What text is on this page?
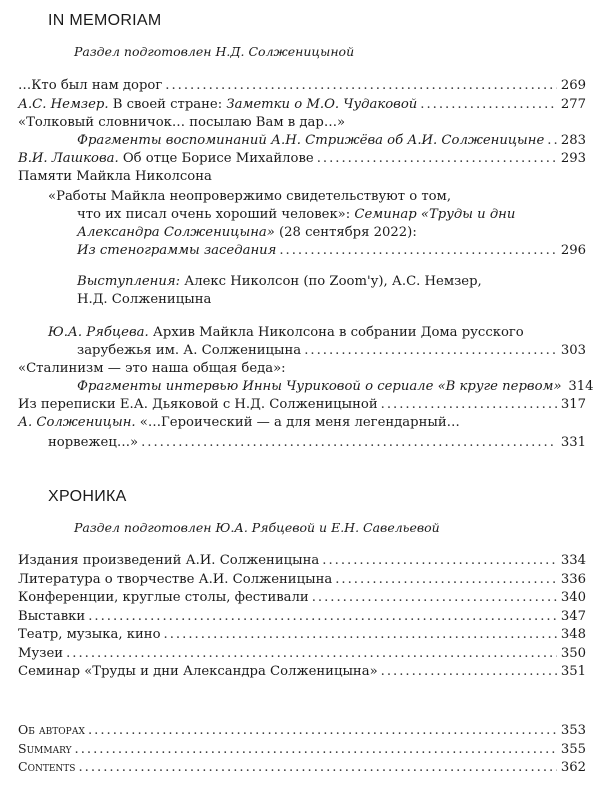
IN MEMORIAM
Раздел подготовлен Н.Д. Солженицыной
…Кто был нам дорог .....	269
А.С. Немзер. В своей стране: Заметки о М.О. Чудаковой .....	277
«Толковый словничок… посылаю Вам в дар…»
Фрагменты воспоминаний А.Н. Стрижёва об А.И. Солженицыне ..... 283
В.И. Лашкова. Об отце Борисе Михайлове .....	293
Памяти Майкла Николсона
«Работы Майкла неопровержимо свидетельствуют о том,
что их писал очень хороший человек»: Семинар «Труды и дни
Александра Солженицына» (28 сентября 2022):
Из стенограммы заседания .....	296
Выступления: Алекс Николсон (по Zoom'у), А.С. Немзер,
Н.Д. Солженицына
Ю.А. Рябцева. Архив Майкла Николсона в собрании Дома русского
зарубежья им. А. Солженицына .....	303
«Сталинизм — это наша общая беда»:
Фрагменты интервью Инны Чуриковой о сериале «В круге первом» 314
Из переписки Е.А. Дьяковой с Н.Д. Солженицыной .....	317
А. Солженицын. «…Героический — а для меня легендарный…
норвежец…» .....	331
ХРОНИКА
Раздел подготовлен Ю.А. Рябцевой и Е.Н. Савельевой
Издания произведений А.И. Солженицына .....	334
Литература о творчестве А.И. Солженицына .....	336
Конференции, круглые столы, фестивали .....	340
Выставки .....	347
Театр, музыка, кино .....	348
Музеи .....	350
Семинар «Труды и дни Александра Солженицына» .....	351
Об авторах .....	353
Summary .....	355
Contents .....	362
